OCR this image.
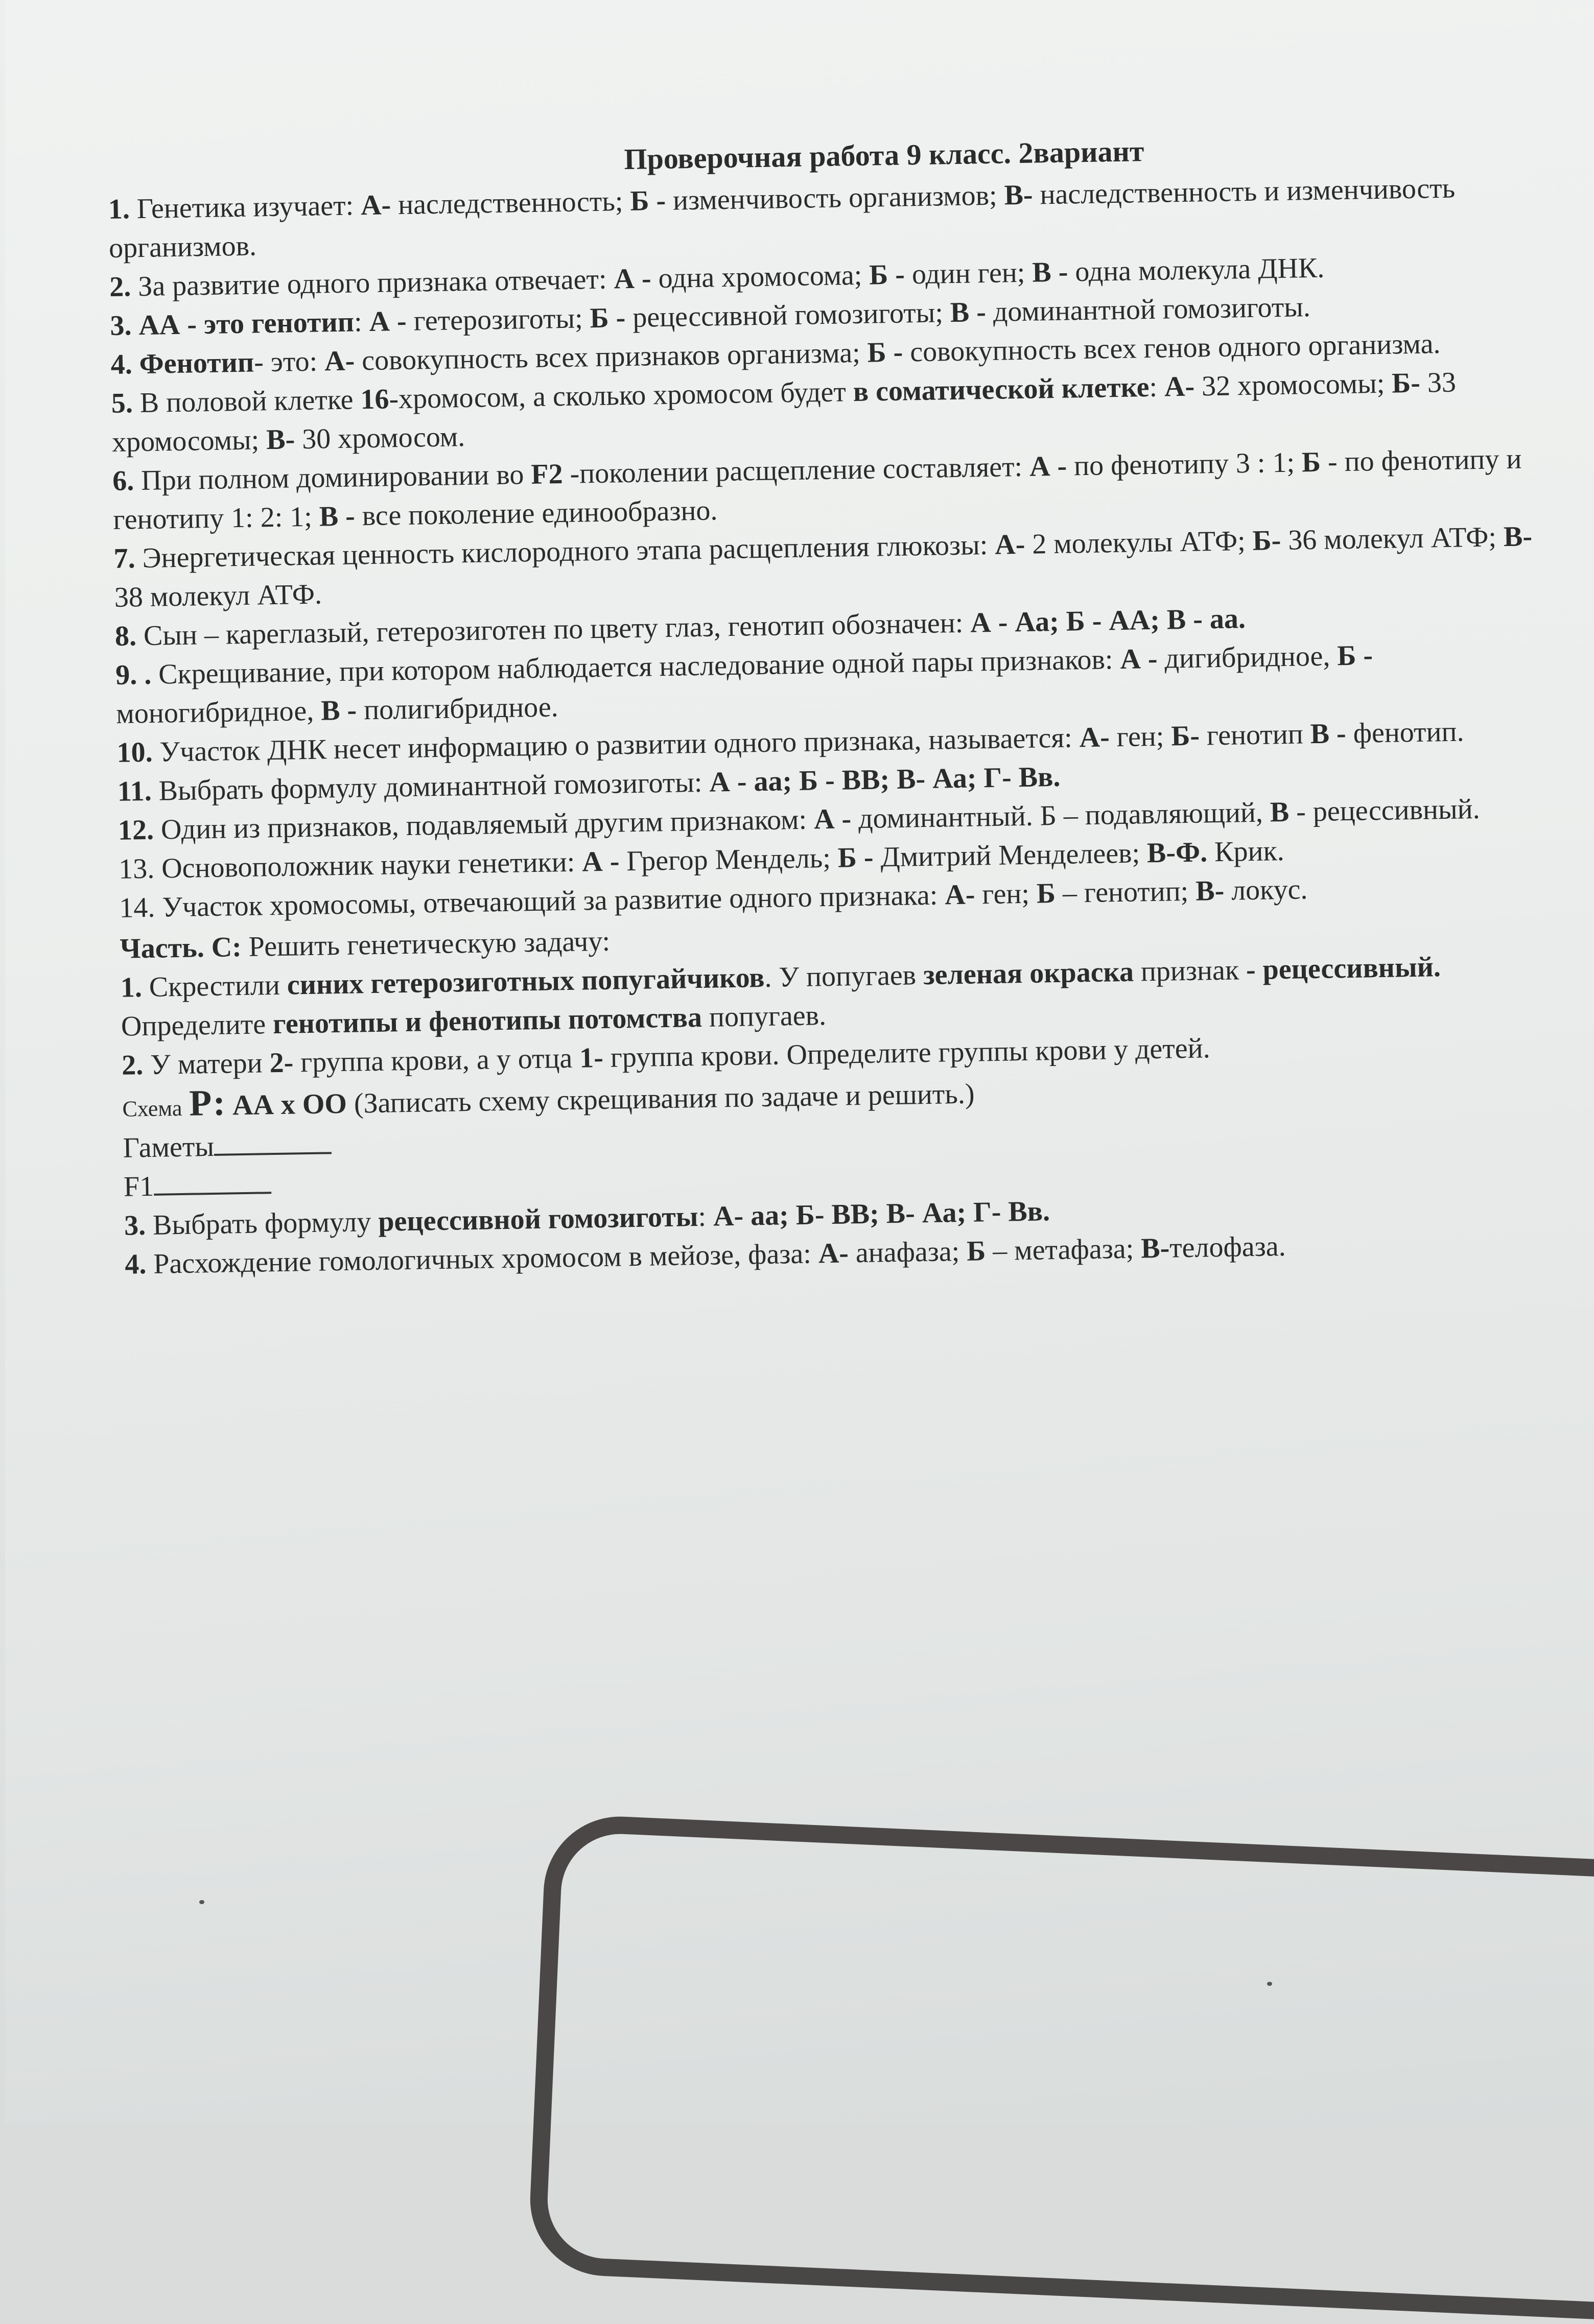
Проверочная работа 9 класс. 2вариант
1. Генетика изучает: А- наследственность; Б - изменчивость организмов; В- наследственность и изменчивость организмов.
2. За развитие одного признака отвечает: А - одна хромосома; Б - один ген; В - одна молекула ДНК.
3. АА - это генотип: А - гетерозиготы; Б - рецессивной гомозиготы; В - доминантной гомозиготы.
4. Фенотип- это: А- совокупность всех признаков организма; Б - совокупность всех генов одного организма.
5. В половой клетке 16-хромосом, а сколько хромосом будет в соматической клетке: А- 32 хромосомы; Б- 33 хромосомы; В- 30 хромосом.
6. При полном доминировании во F2 -поколении расщепление составляет: А - по фенотипу 3 : 1; Б - по фенотипу и генотипу 1: 2: 1; В - все поколение единообразно.
7. Энергетическая ценность кислородного этапа расщепления глюкозы: А- 2 молекулы АТФ; Б- 36 молекул АТФ; В- 38 молекул АТФ.
8. Сын – кареглазый, гетерозиготен по цвету глаз, генотип обозначен: А - Аа; Б - АА; В - аа.
9. . Скрещивание, при котором наблюдается наследование одной пары признаков: А - дигибридное, Б - моногибридное, В - полигибридное.
10. Участок ДНК несет информацию о развитии одного признака, называется: А- ген; Б- генотип В - фенотип.
11. Выбрать формулу доминантной гомозиготы: А - аа; Б - ВВ; В- Аа; Г- Вв.
12. Один из признаков, подавляемый другим признаком: А - доминантный. Б – подавляющий, В - рецессивный.
13. Основоположник науки генетики: А - Грегор Мендель; Б - Дмитрий Менделеев; В-Ф. Крик.
14. Участок хромосомы, отвечающий за развитие одного признака: А- ген; Б – генотип; В- локус.
Часть. С: Решить генетическую задачу:
1. Скрестили синих гетерозиготных попугайчиков. У попугаев зеленая окраска признак - рецессивный. Определите генотипы и фенотипы потомства попугаев.
2. У матери 2- группа крови, а у отца 1- группа крови. Определите группы крови у детей.
Схема Р: АА х ОО (Записать схему скрещивания по задаче и решить.)
Гаметы
F1
3. Выбрать формулу рецессивной гомозиготы: А- аа; Б- ВВ; В- Аа; Г- Вв.
4. Расхождение гомологичных хромосом в мейозе, фаза: А- анафаза; Б – метафаза; В-телофаза.
